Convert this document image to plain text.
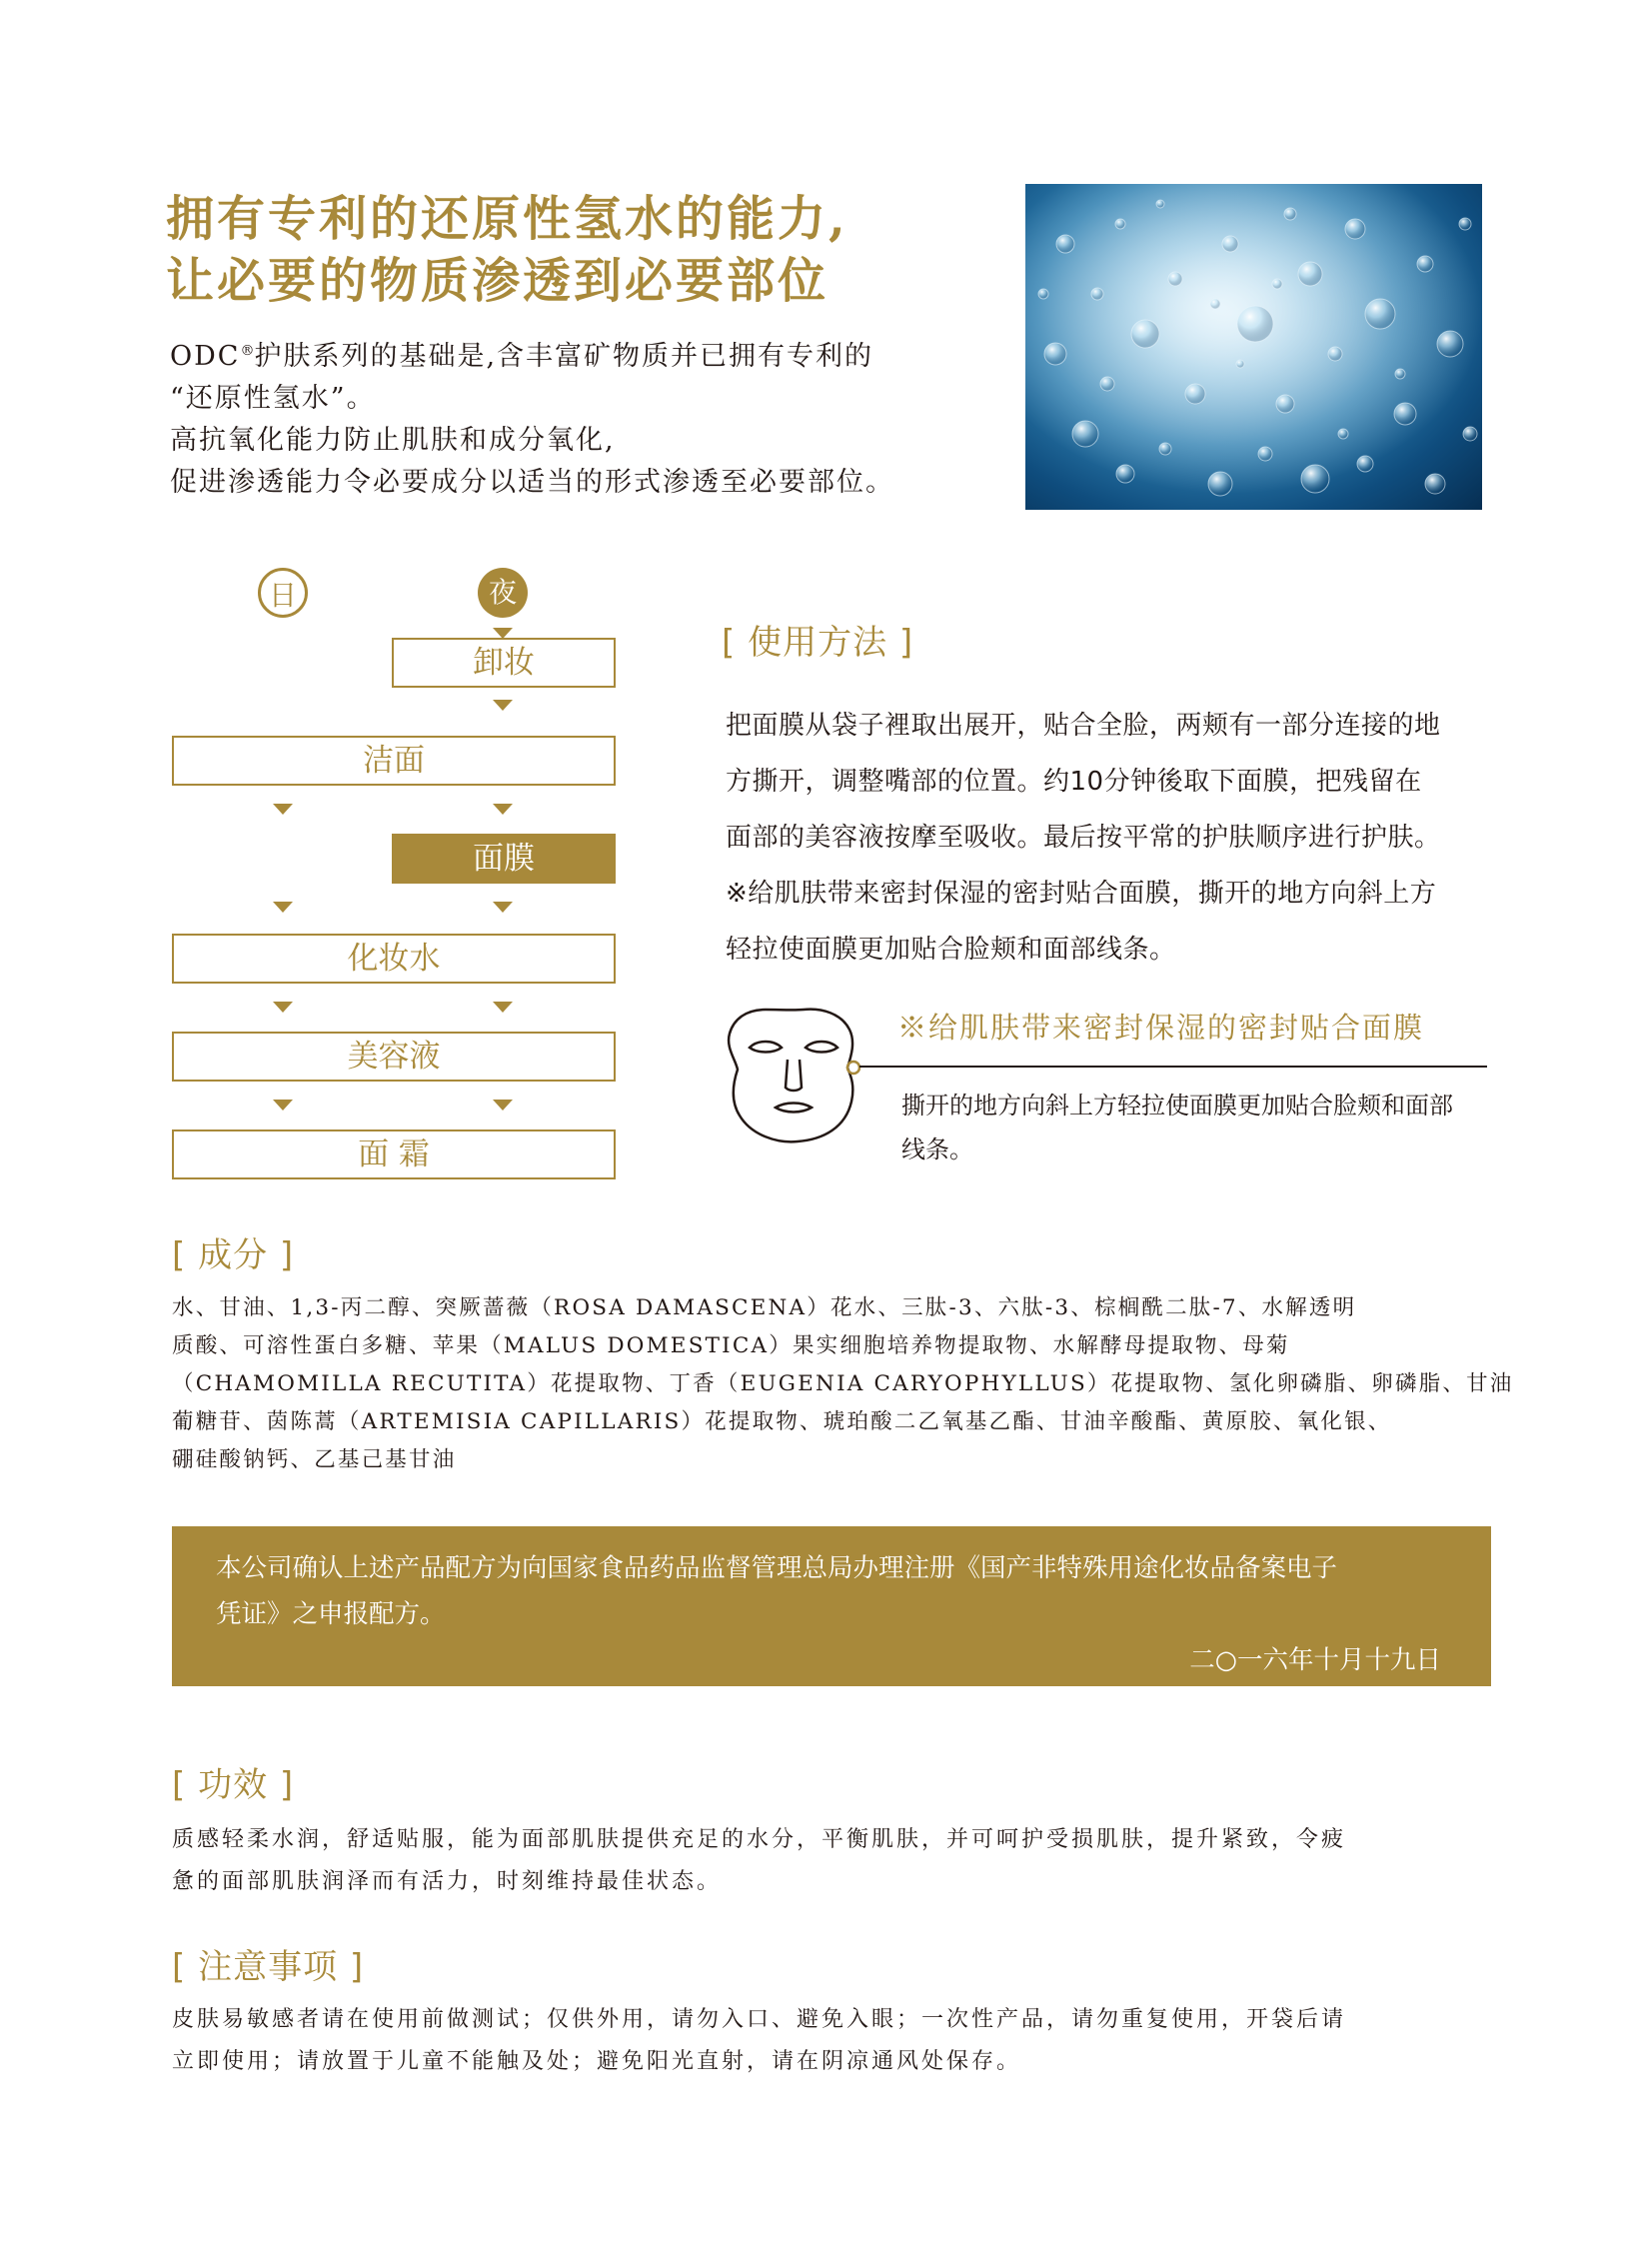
拥有专利的还原性氢水的能力,
让必要的物质渗透到必要部位
ODC®护肤系列的基础是,含丰富矿物质并已拥有专利的
“还原性氢水”。
高抗氧化能力防止肌肤和成分氧化,
促进渗透能力令必要成分以适当的形式渗透至必要部位。
日	夜
卸妆
洁面
面膜
化妆水
美容液
面 霜
[ 使用方法 ]
把面膜从袋子裡取出展开，贴合全脸，两颊有一部分连接的地
方撕开，调整嘴部的位置。约10分钟後取下面膜，把残留在
面部的美容液按摩至吸收。最后按平常的护肤顺序进行护肤。
※给肌肤带来密封保湿的密封贴合面膜，撕开的地方向斜上方
轻拉使面膜更加贴合脸颊和面部线条。
※给肌肤带来密封保湿的密封贴合面膜
撕开的地方向斜上方轻拉使面膜更加贴合脸颊和面部
线条。
[ 成分 ]
水、甘油、1,3-丙二醇、突厥蔷薇（ROSA DAMASCENA）花水、三肽-3、六肽-3、棕榈酰二肽-7、水解透明
质酸、可溶性蛋白多糖、苹果（MALUS DOMESTICA）果实细胞培养物提取物、水解酵母提取物、母菊
（CHAMOMILLA RECUTITA）花提取物、丁香（EUGENIA CARYOPHYLLUS）花提取物、氢化卵磷脂、卵磷脂、甘油
葡糖苷、茵陈蒿（ARTEMISIA CAPILLARIS）花提取物、琥珀酸二乙氧基乙酯、甘油辛酸酯、黄原胶、氧化银、
硼硅酸钠钙、乙基己基甘油
本公司确认上述产品配方为向国家食品药品监督管理总局办理注册《国产非特殊用途化妆品备案电子
凭证》之申报配方。
二○一六年十月十九日
[ 功效 ]
质感轻柔水润，舒适贴服，能为面部肌肤提供充足的水分，平衡肌肤，并可呵护受损肌肤，提升紧致，令疲
惫的面部肌肤润泽而有活力，时刻维持最佳状态。
[ 注意事项 ]
皮肤易敏感者请在使用前做测试；仅供外用，请勿入口、避免入眼；一次性产品，请勿重复使用，开袋后请
立即使用；请放置于儿童不能触及处；避免阳光直射，请在阴凉通风处保存。
